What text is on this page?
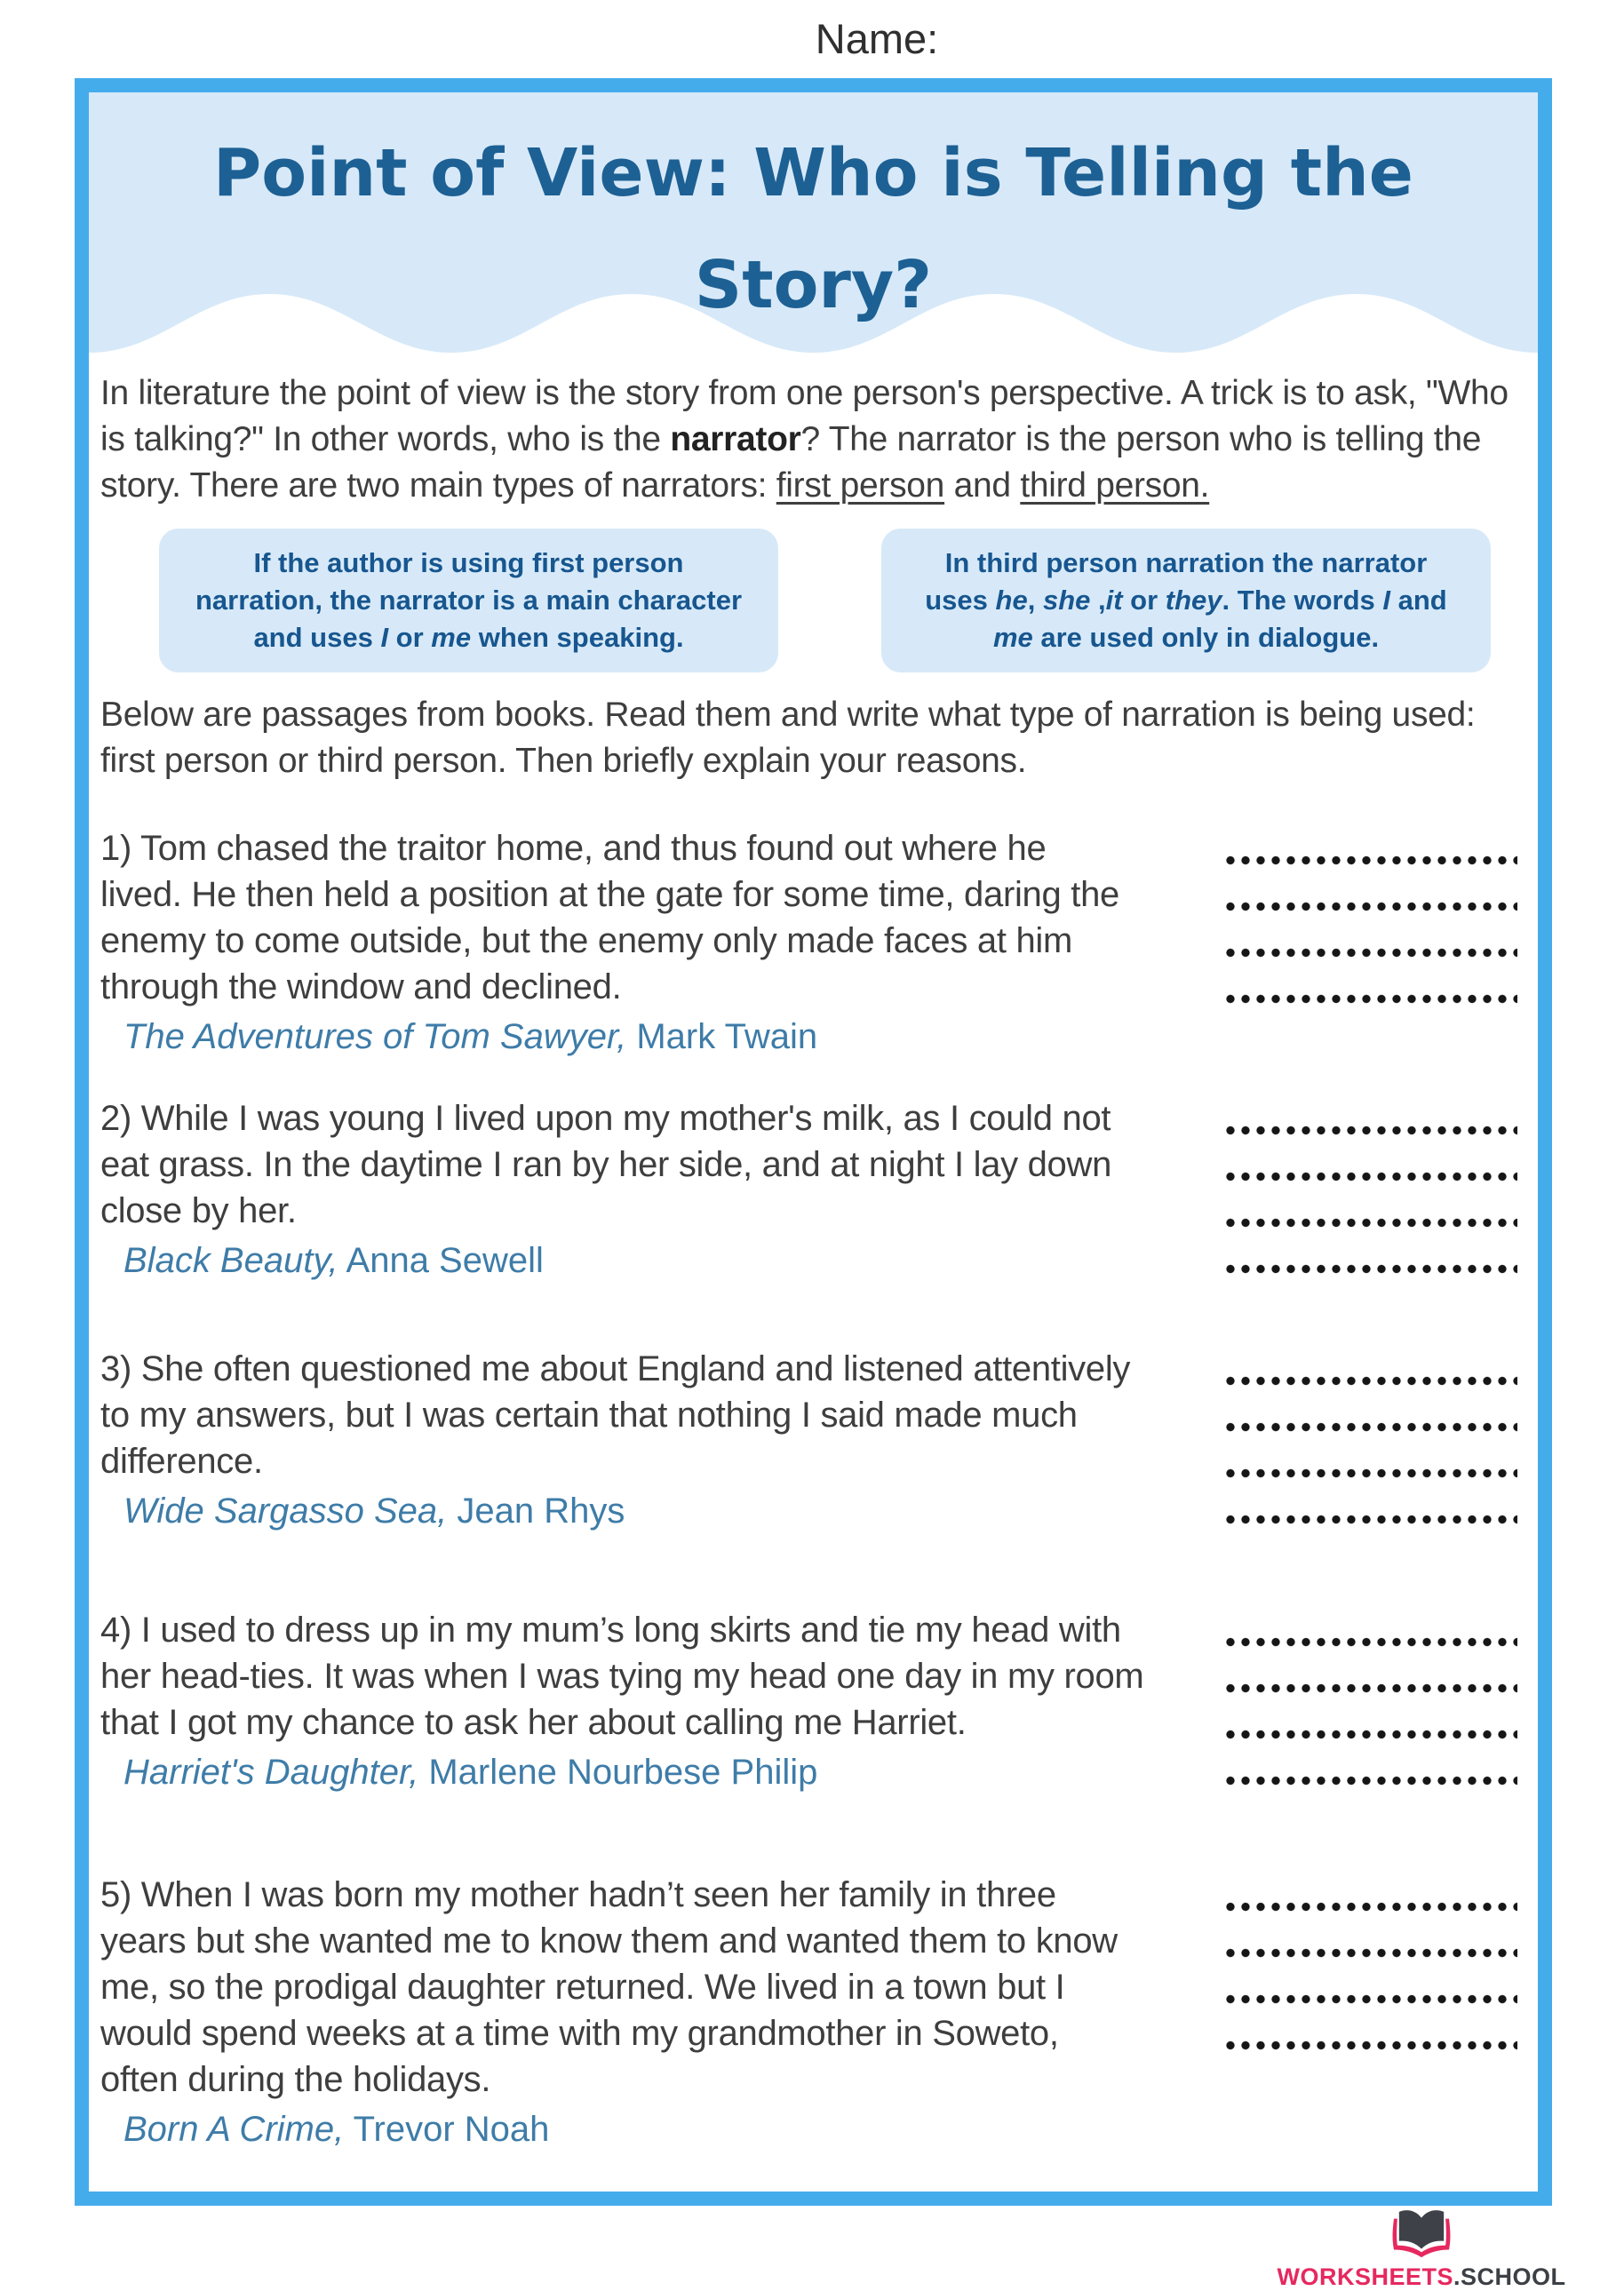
Name:
Point of View: Who is Telling the
Story?

In literature the point of view is the story from one person's perspective. A trick is to ask, "Who is talking?" In other words, who is the narrator? The narrator is the person who is telling the story. There are two main types of narrators: first person and third person.

If the author is using first person narration, the narrator is a main character and uses I or me when speaking.
In third person narration the narrator uses he, she ,it or they. The words I and me are used only in dialogue.

Below are passages from books. Read them and write what type of narration is being used: first person or third person. Then briefly explain your reasons.

1) Tom chased the traitor home, and thus found out where he
lived. He then held a position at the gate for some time, daring the
enemy to come outside, but the enemy only made faces at him
through the window and declined.
The Adventures of Tom Sawyer, Mark Twain
2) While I was young I lived upon my mother's milk, as I could not
eat grass. In the daytime I ran by her side, and at night I lay down
close by her.
Black Beauty, Anna Sewell
3) She often questioned me about England and listened attentively
to my answers, but I was certain that nothing I said made much
difference.
Wide Sargasso Sea, Jean Rhys
4) I used to dress up in my mum’s long skirts and tie my head with
her head-ties. It was when I was tying my head one day in my room
that I got my chance to ask her about calling me Harriet.
Harriet's Daughter, Marlene Nourbese Philip
5) When I was born my mother hadn’t seen her family in three
years but she wanted me to know them and wanted them to know
me, so the prodigal daughter returned. We lived in a town but I
would spend weeks at a time with my grandmother in Soweto,
often during the holidays.
Born A Crime, Trevor Noah
WORKSHEETS.SCHOOL
